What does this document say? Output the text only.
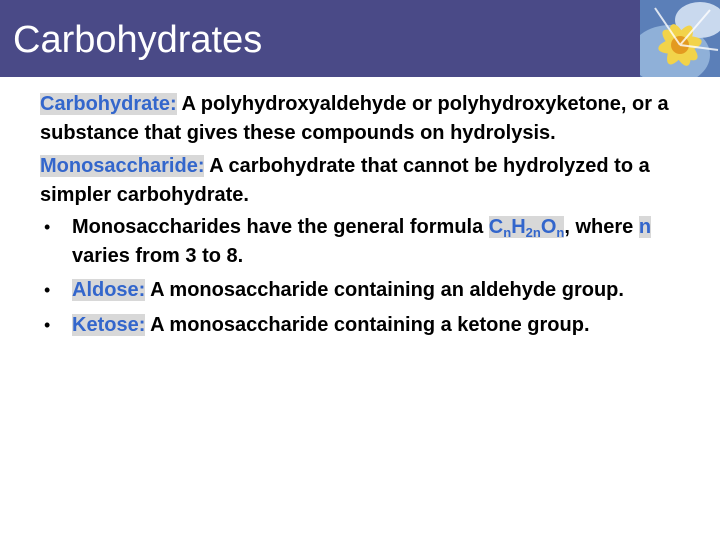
Carbohydrates

Carbohydrate: A polyhydroxyaldehyde or polyhydroxyketone, or a substance that gives these compounds on hydrolysis.

Monosaccharide: A carbohydrate that cannot be hydrolyzed to a simpler carbohydrate.

• Monosaccharides have the general formula $C_nH_{2n}O_n$, where n varies from 3 to 8.
• Aldose: A monosaccharide containing an aldehyde group.
• Ketose: A monosaccharide containing a ketone group.
